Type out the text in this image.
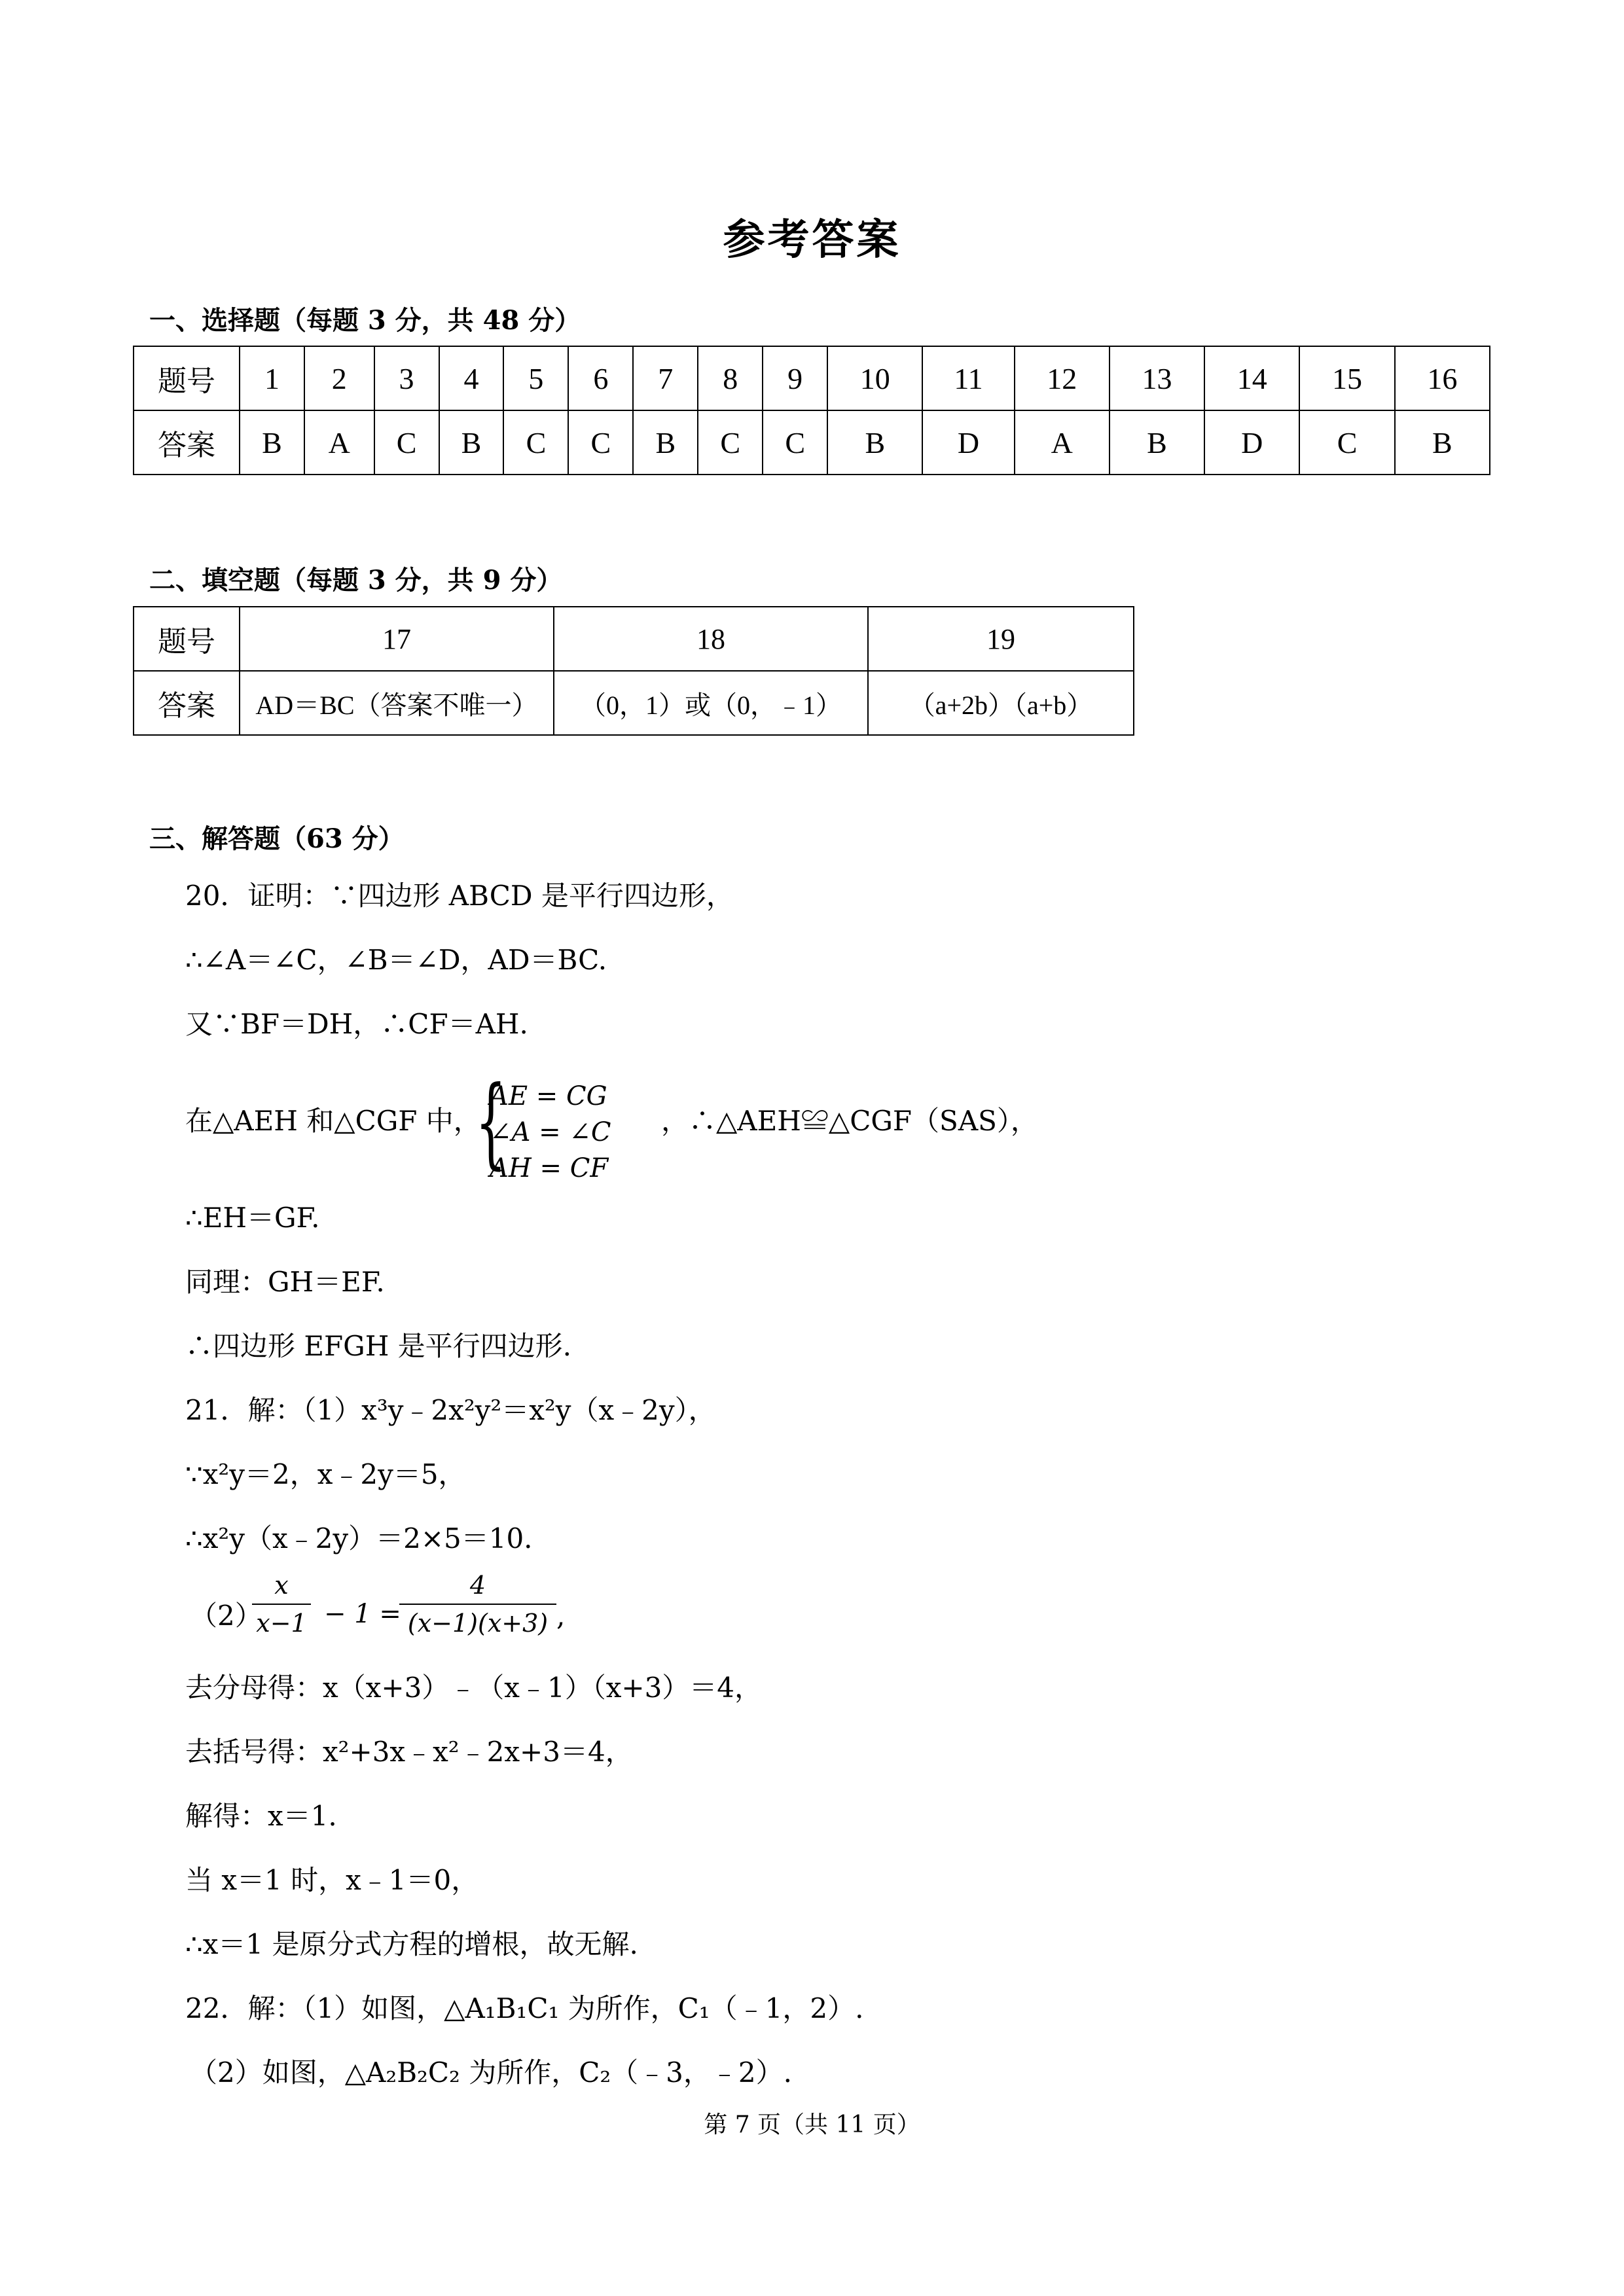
参考答案
一、选择题（每题 3 分，共 48 分）
题号	1	2	3	4	5	6	7	8	9	10	11	12	13	14	15	16
答案	B	A	C	B	C	C	B	C	C	B	D	A	B	D	C	B
二、填空题（每题 3 分，共 9 分）
题号	17	18	19
答案	AD＝BC（答案不唯一）	（0，1）或（0，﹣1）	（a+2b）（a+b）
三、解答题（63 分）
20．证明：∵四边形 ABCD 是平行四边形，
∴∠A＝∠C，∠B＝∠D，AD＝BC.
又∵BF＝DH，∴CF＝AH.
在△AEH 和△CGF 中，
{
AE = CG
∠A = ∠C
AH = CF
，∴△AEH≌△CGF（SAS），
∴EH＝GF.
同理：GH＝EF.
∴四边形 EFGH 是平行四边形.
21．解：（1）x³y﹣2x²y²＝x²y（x﹣2y），
∵x²y＝2，x﹣2y＝5，
∴x²y（x﹣2y）＝2×5＝10.
（2）
x
x−1 − 1 =
4
(x−1)(x+3) ,
去分母得：x（x+3）﹣（x﹣1）（x+3）＝4，
去括号得：x²+3x﹣x²﹣2x+3＝4，
解得：x＝1.
当 x＝1 时，x﹣1＝0，
∴x＝1 是原分式方程的增根，故无解.
22．解：（1）如图，△A₁B₁C₁ 为所作，C₁（﹣1，2）.
（2）如图，△A₂B₂C₂ 为所作，C₂（﹣3，﹣2）.
第 7 页（共 11 页）
